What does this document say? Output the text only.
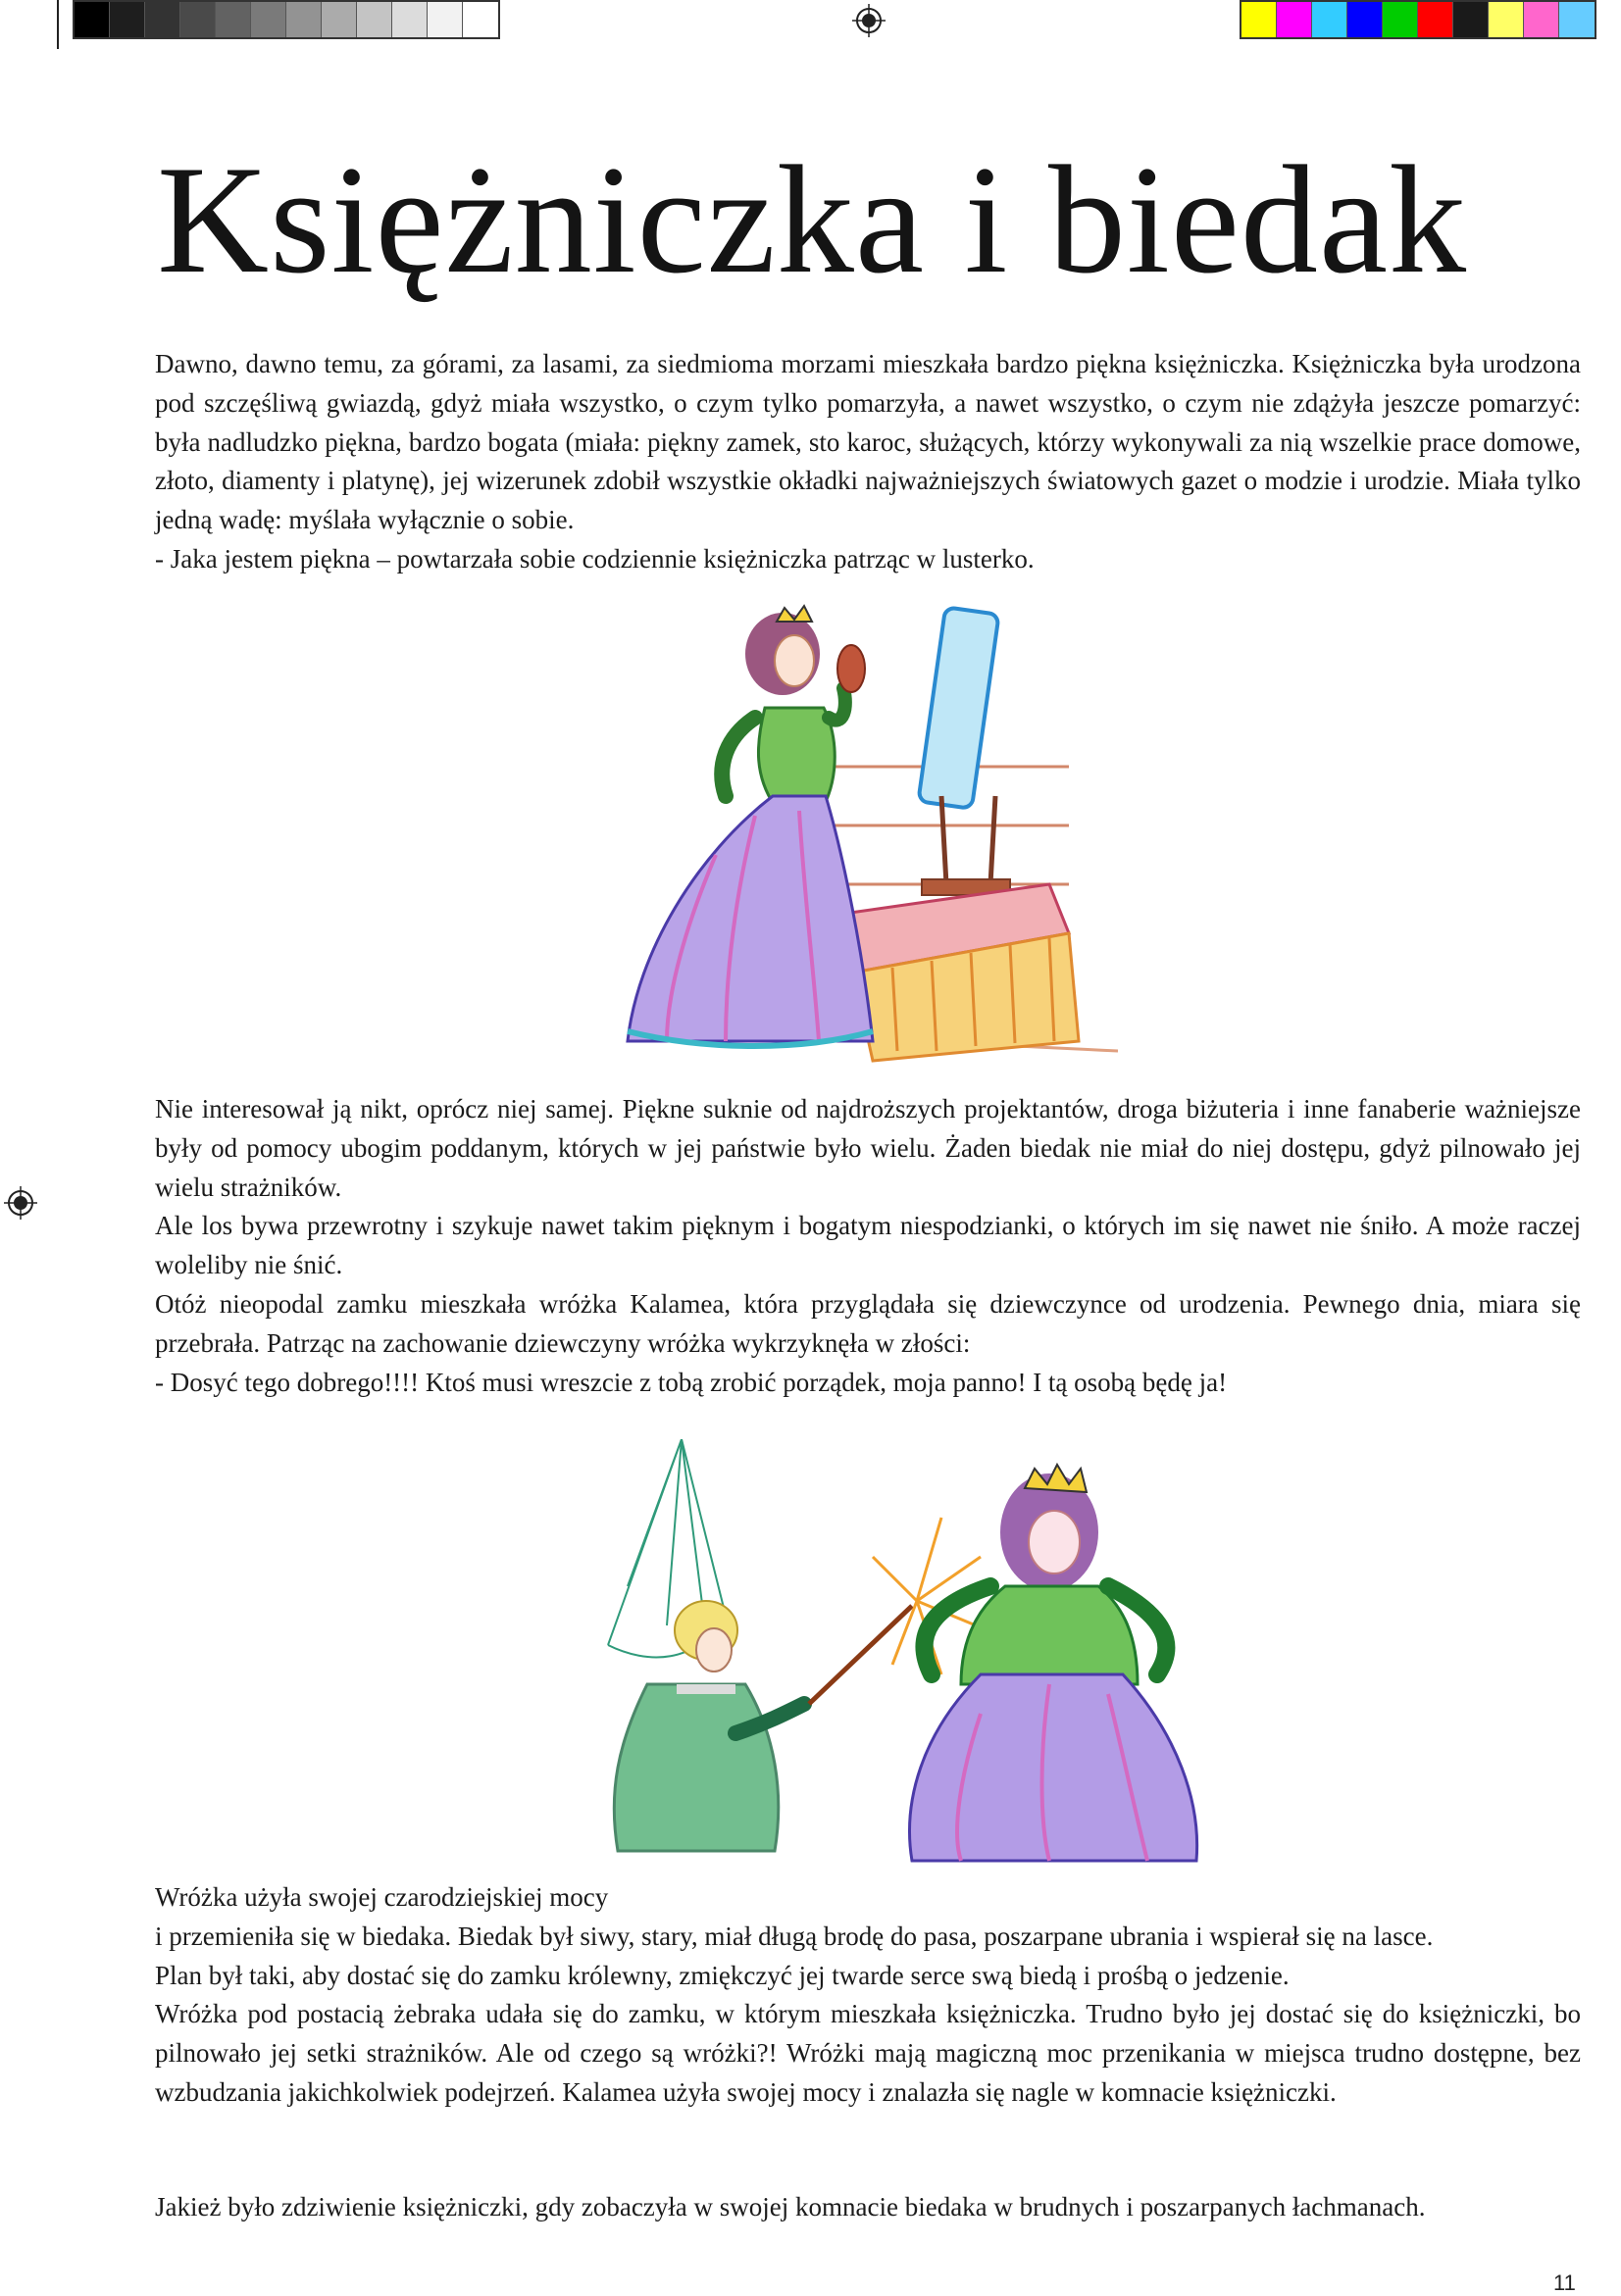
Księżniczka i biedak

Dawno, dawno temu, za górami, za lasami, za siedmioma morzami mieszkała bardzo piękna księżniczka. Księżniczka była urodzona pod szczęśliwą gwiazdą, gdyż miała wszystko, o czym tylko pomarzyła, a nawet wszystko, o czym nie zdążyła jeszcze pomarzyć: była nadludzko piękna, bardzo bogata (miała: piękny zamek, sto karoc, służących, którzy wykonywali za nią wszelkie prace domowe, złoto, diamenty i platynę), jej wizerunek zdobił wszystkie okładki najważniejszych światowych gazet o modzie i urodzie. Miała tylko jedną wadę: myślała wyłącznie o sobie.

- Jaka jestem piękna – powtarzała sobie codziennie księżniczka patrząc w lusterko.

Nie interesował ją nikt, oprócz niej samej. Piękne suknie od najdroższych projektantów, droga biżuteria i inne fanaberie ważniejsze były od pomocy ubogim poddanym, których w jej państwie było wielu. Żaden biedak nie miał do niej dostępu, gdyż pilnowało jej wielu strażników.

Ale los bywa przewrotny i szykuje nawet takim pięknym i bogatym niespodzianki, o których im się nawet nie śniło. A może raczej woleliby nie śnić.

Otóż nieopodal zamku mieszkała wróżka Kalamea, która przyglądała się dziewczynce od urodzenia. Pewnego dnia, miara się przebrała. Patrząc na zachowanie dziewczyny wróżka wykrzyknęła w złości:

- Dosyć tego dobrego!!!! Ktoś musi wreszcie z tobą zrobić porządek, moja panno! I tą osobą będę ja!

Wróżka użyła swojej czarodziejskiej mocy

i przemieniła się w biedaka. Biedak był siwy, stary, miał długą brodę do pasa, poszarpane ubrania i wspierał się na lasce.

Plan był taki, aby dostać się do zamku królewny, zmiękczyć jej twarde serce swą biedą i prośbą o jedzenie.

Wróżka pod postacią żebraka udała się do zamku, w którym mieszkała księżniczka. Trudno było jej dostać się do księżniczki, bo pilnowało jej setki strażników. Ale od czego są wróżki?! Wróżki mają magiczną moc przenikania w miejsca trudno dostępne, bez wzbudzania jakichkolwiek podejrzeń. Kalamea użyła swojej mocy i znalazła się nagle w komnacie księżniczki.

Jakież było zdziwienie księżniczki, gdy zobaczyła w swojej komnacie biedaka w brudnych i poszarpanych łachmanach.

11
